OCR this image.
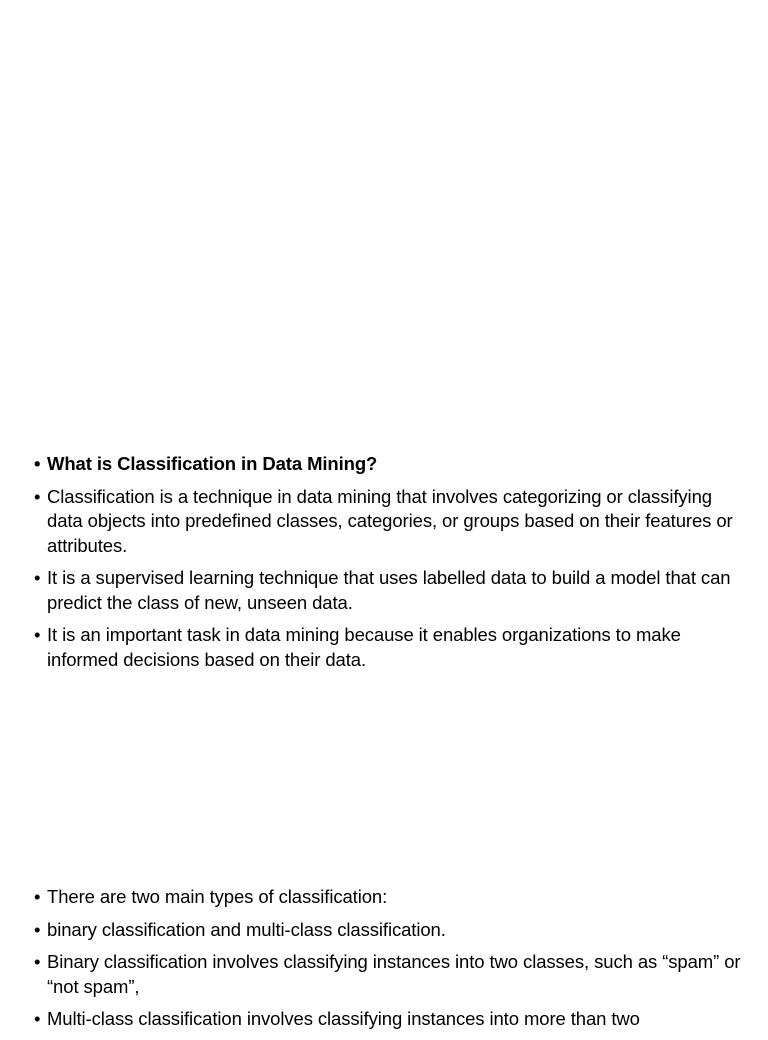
• What is Classification in Data Mining?
• Classification is a technique in data mining that involves categorizing or classifying data objects into predefined classes, categories, or groups based on their features or attributes.
• It is a supervised learning technique that uses labelled data to build a model that can predict the class of new, unseen data.
• It is an important task in data mining because it enables organizations to make informed decisions based on their data.
• There are two main types of classification:
• binary classification and multi-class classification.
• Binary classification involves classifying instances into two classes, such as “spam” or “not spam”,
• Multi-class classification involves classifying instances into more than two
